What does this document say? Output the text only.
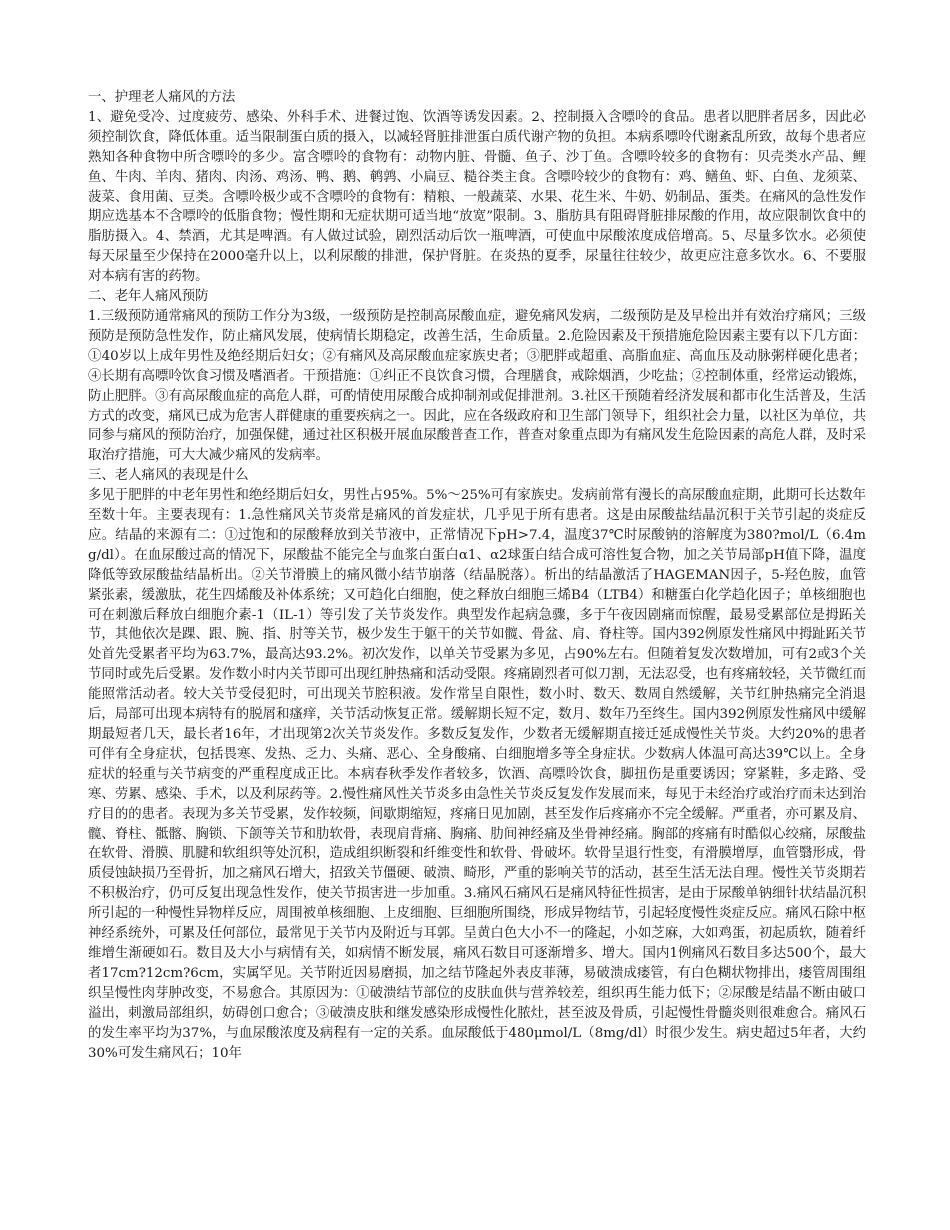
一、护理老人痛风的方法

1、避免受冷、过度疲劳、感染、外科手术、进餐过饱、饮酒等诱发因素。2、控制摄入含嘌呤的食品。患者以肥胖者居多，因此必须控制饮食，降低体重。适当限制蛋白质的摄入，以减轻肾脏排泄蛋白质代谢产物的负担。本病系嘌呤代谢紊乱所致，故每个患者应熟知各种食物中所含嘌呤的多少。富含嘌呤的食物有：动物内脏、骨髓、鱼子、沙丁鱼。含嘌呤较多的食物有：贝壳类水产品、鲤鱼、牛肉、羊肉、猪肉、肉汤、鸡汤、鸭、鹅、鹌鹑、小扁豆、糙谷类主食。含嘌呤较少的食物有：鸡、鳝鱼、虾、白鱼、龙须菜、菠菜、食用菌、豆类。含嘌呤极少或不含嘌呤的食物有：精粮、一般蔬菜、水果、花生米、牛奶、奶制品、蛋类。在痛风的急性发作期应选基本不含嘌呤的低脂食物；慢性期和无症状期可适当地“放宽”限制。3、脂肪具有阻碍肾脏排尿酸的作用，故应限制饮食中的脂肪摄入。4、禁酒，尤其是啤酒。有人做过试验，剧烈活动后饮一瓶啤酒，可使血中尿酸浓度成倍增高。5、尽量多饮水。必须使每天尿量至少保持在2000毫升以上，以利尿酸的排泄，保护肾脏。在炎热的夏季，尿量往往较少，故更应注意多饮水。6、不要服对本病有害的药物。

二、老年人痛风预防

1.三级预防通常痛风的预防工作分为3级，一级预防是控制高尿酸血症，避免痛风发病，二级预防是及早检出并有效治疗痛风；三级预防是预防急性发作，防止痛风发展，使病情长期稳定，改善生活，生命质量。2.危险因素及干预措施危险因素主要有以下几方面：①40岁以上成年男性及绝经期后妇女；②有痛风及高尿酸血症家族史者；③肥胖或超重、高脂血症、高血压及动脉粥样硬化患者；④长期有高嘌呤饮食习惯及嗜酒者。干预措施：①纠正不良饮食习惯，合理膳食，戒除烟酒，少吃盐；②控制体重，经常运动锻炼，防止肥胖。③有高尿酸血症的高危人群，可酌情使用尿酸合成抑制剂或促排泄剂。3.社区干预随着经济发展和都市化生活普及，生活方式的改变，痛风已成为危害人群健康的重要疾病之一。因此，应在各级政府和卫生部门领导下，组织社会力量，以社区为单位，共同参与痛风的预防治疗，加强保健，通过社区积极开展血尿酸普查工作，普查对象重点即为有痛风发生危险因素的高危人群，及时采取治疗措施，可大大减少痛风的发病率。

三、老人痛风的表现是什么

多见于肥胖的中老年男性和绝经期后妇女，男性占95%。5%～25%可有家族史。发病前常有漫长的高尿酸血症期，此期可长达数年至数十年。主要表现有：1.急性痛风关节炎常是痛风的首发症状，几乎见于所有患者。这是由尿酸盐结晶沉积于关节引起的炎症反应。结晶的来源有二：①过饱和的尿酸释放到关节液中，正常情况下pH>7.4，温度37℃时尿酸钠的溶解度为380?mol/L（6.4mg/dl）。在血尿酸过高的情况下，尿酸盐不能完全与血浆白蛋白α1、α2球蛋白结合成可溶性复合物，加之关节局部pH值下降，温度降低等致尿酸盐结晶析出。②关节滑膜上的痛风微小结节崩落（结晶脱落）。析出的结晶激活了HAGEMAN因子，5-羟色胺，血管紧张素，缓激肽，花生四烯酸及补体系统；又可趋化白细胞，使之释放白细胞三烯B4（LTB4）和糖蛋白化学趋化因子；单核细胞也可在刺激后释放白细胞介素-1（IL-1）等引发了关节炎发作。典型发作起病急骤，多于午夜因剧痛而惊醒，最易受累部位是拇跖关节，其他依次是踝、跟、腕、指、肘等关节，极少发生于躯干的关节如髋、骨盆、肩、脊柱等。国内392例原发性痛风中拇趾跖关节处首先受累者平均为63.7%，最高达93.2%。初次发作，以单关节受累为多见，占90%左右。但随着复发次数增加，可有2或3个关节同时或先后受累。发作数小时内关节即可出现红肿热痛和活动受限。疼痛剧烈者可似刀割，无法忍受，也有疼痛较轻，关节微红而能照常活动者。较大关节受侵犯时，可出现关节腔积液。发作常呈自限性，数小时、数天、数周自然缓解，关节红肿热痛完全消退后，局部可出现本病特有的脱屑和瘙痒，关节活动恢复正常。缓解期长短不定，数月、数年乃至终生。国内392例原发性痛风中缓解期最短者几天，最长者16年，才出现第2次关节炎发作。多数反复发作，少数者无缓解期直接迁延成慢性关节炎。大约20%的患者可伴有全身症状，包括畏寒、发热、乏力、头痛、恶心、全身酸痛、白细胞增多等全身症状。少数病人体温可高达39℃以上。全身症状的轻重与关节病变的严重程度成正比。本病春秋季发作者较多，饮酒、高嘌呤饮食，脚扭伤是重要诱因；穿紧鞋，多走路、受寒、劳累、感染、手术，以及利尿药等。2.慢性痛风性关节炎多由急性关节炎反复发作发展而来，每见于未经治疗或治疗而未达到治疗目的的患者。表现为多关节受累，发作较频，间歇期缩短，疼痛日见加剧，甚至发作后疼痛亦不完全缓解。严重者，亦可累及肩、髋、脊柱、骶髂、胸锁、下颌等关节和肋软骨，表现肩背痛、胸痛、肋间神经痛及坐骨神经痛。胸部的疼痛有时酷似心绞痛，尿酸盐在软骨、滑膜、肌腱和软组织等处沉积，造成组织断裂和纤维变性和软骨、骨破坏。软骨呈退行性变，有滑膜增厚，血管翳形成，骨质侵蚀缺损乃至骨折，加之痛风石增大，招致关节僵硬、破溃、畸形，严重的影响关节的活动，甚至生活无法自理。慢性关节炎期若不积极治疗，仍可反复出现急性发作，使关节损害进一步加重。3.痛风石痛风石是痛风特征性损害，是由于尿酸单钠细针状结晶沉积所引起的一种慢性异物样反应，周围被单核细胞、上皮细胞、巨细胞所围绕，形成异物结节，引起轻度慢性炎症反应。痛风石除中枢神经系统外，可累及任何部位，最常见于关节内及附近与耳郭。呈黄白色大小不一的隆起，小如芝麻，大如鸡蛋，初起质软，随着纤维增生渐硬如石。数目及大小与病情有关，如病情不断发展，痛风石数目可逐渐增多、增大。国内1例痛风石数目多达500个，最大者17cm?12cm?6cm，实属罕见。关节附近因易磨损，加之结节隆起外表皮菲薄，易破溃成瘘管，有白色糊状物排出，瘘管周围组织呈慢性肉芽肿改变，不易愈合。其原因为：①破溃结节部位的皮肤血供与营养较差，组织再生能力低下；②尿酸是结晶不断由破口溢出，刺激局部组织，妨碍创口愈合；③破溃皮肤和继发感染形成慢性化脓灶，甚至波及骨质，引起慢性骨髓炎则很难愈合。痛风石的发生率平均为37%，与血尿酸浓度及病程有一定的关系。血尿酸低于480μmol/L（8mg/dl）时很少发生。病史超过5年者，大约30%可发生痛风石；10年
